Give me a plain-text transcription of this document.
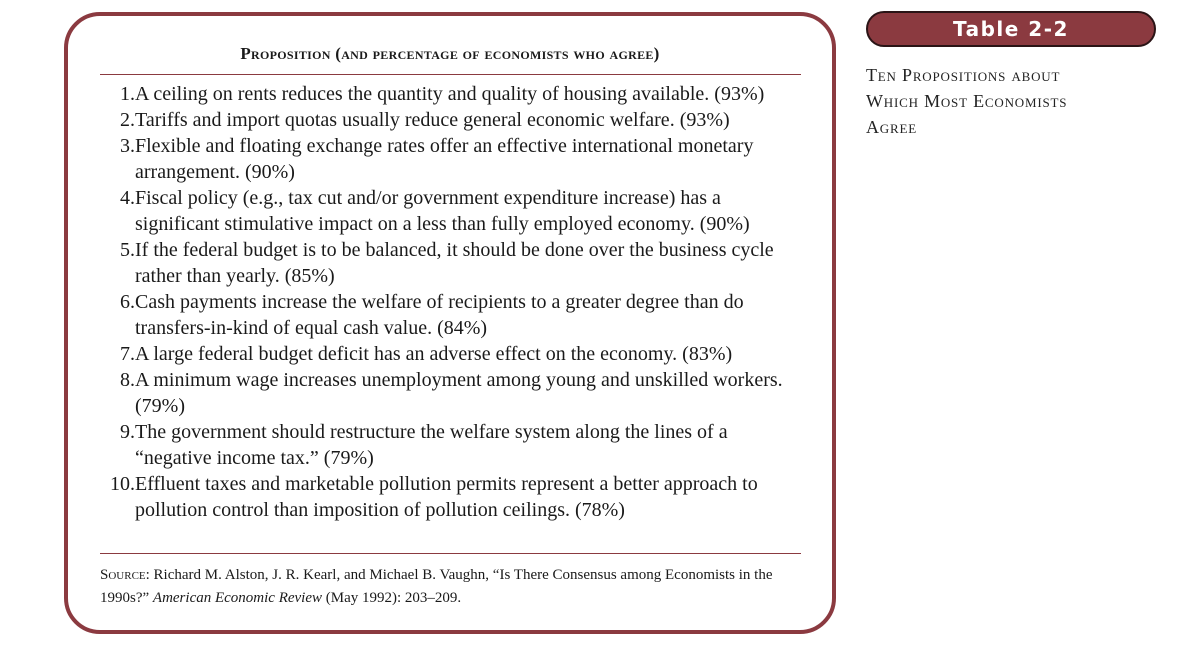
Proposition (and percentage of economists who agree)
1. A ceiling on rents reduces the quantity and quality of housing available. (93%)
2. Tariffs and import quotas usually reduce general economic welfare. (93%)
3. Flexible and floating exchange rates offer an effective international monetary arrangement. (90%)
4. Fiscal policy (e.g., tax cut and/or government expenditure increase) has a significant stimulative impact on a less than fully employed economy. (90%)
5. If the federal budget is to be balanced, it should be done over the business cycle rather than yearly. (85%)
6. Cash payments increase the welfare of recipients to a greater degree than do transfers-in-kind of equal cash value. (84%)
7. A large federal budget deficit has an adverse effect on the economy. (83%)
8. A minimum wage increases unemployment among young and unskilled workers. (79%)
9. The government should restructure the welfare system along the lines of a “negative income tax.” (79%)
10. Effluent taxes and marketable pollution permits represent a better approach to pollution control than imposition of pollution ceilings. (78%)
Source: Richard M. Alston, J. R. Kearl, and Michael B. Vaughn, “Is There Consensus among Economists in the 1990s?” American Economic Review (May 1992): 203–209.
Table 2-2
Ten Propositions about
Which Most Economists
Agree
